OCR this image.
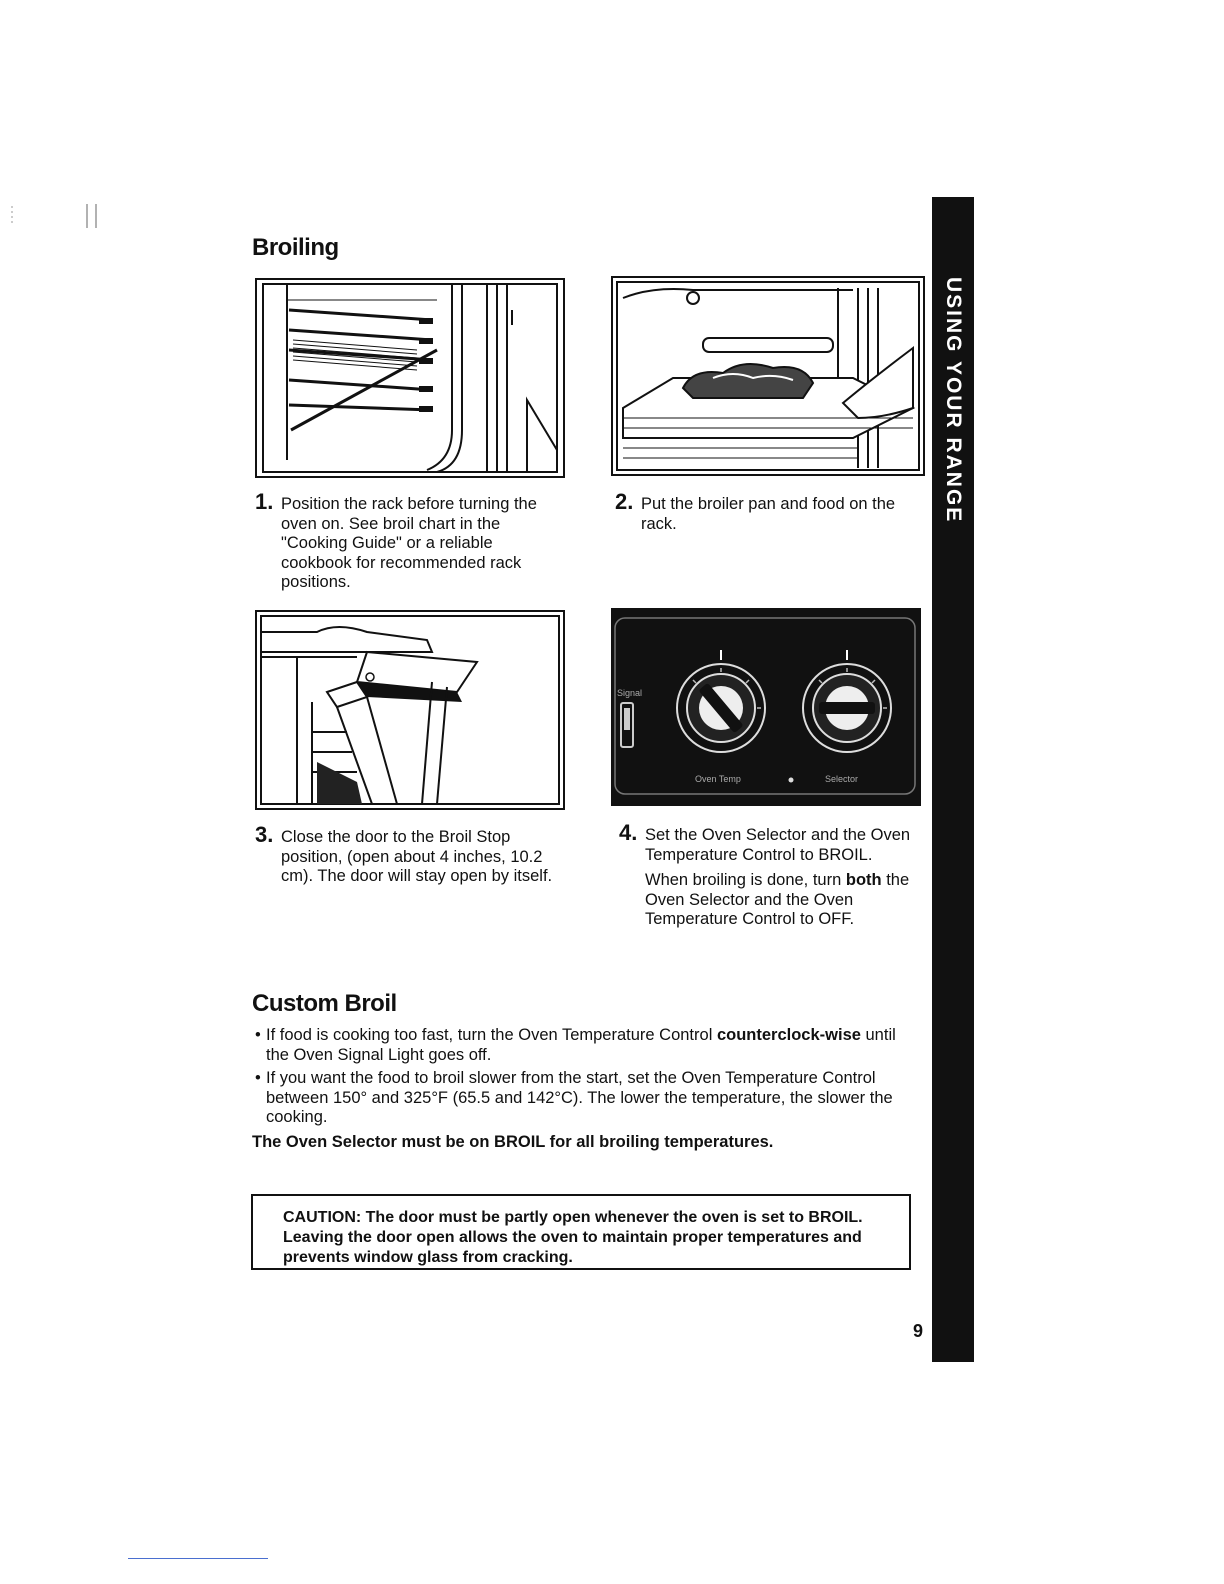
USING YOUR RANGE
Broiling
1. Position the rack before turning the oven on. See broil chart in the "Cooking Guide" or a reliable cookbook for recommended rack positions.
2. Put the broiler pan and food on the rack.
Signal
Oven Temp	Selector
3. Close the door to the Broil Stop position, (open about 4 inches, 10.2 cm). The door will stay open by itself.
4. Set the Oven Selector and the Oven Temperature Control to BROIL.

When broiling is done, turn both the Oven Selector and the Oven Temperature Control to OFF.

Custom Broil
• If food is cooking too fast, turn the Oven Temperature Control counterclock-wise until the Oven Signal Light goes off.
• If you want the food to broil slower from the start, set the Oven Temperature Control between 150° and 325°F (65.5 and 142°C). The lower the temperature, the slower the cooking.
The Oven Selector must be on BROIL for all broiling temperatures.
CAUTION: The door must be partly open whenever the oven is set to BROIL. Leaving the door open allows the oven to maintain proper temperatures and prevents window glass from cracking.
9
